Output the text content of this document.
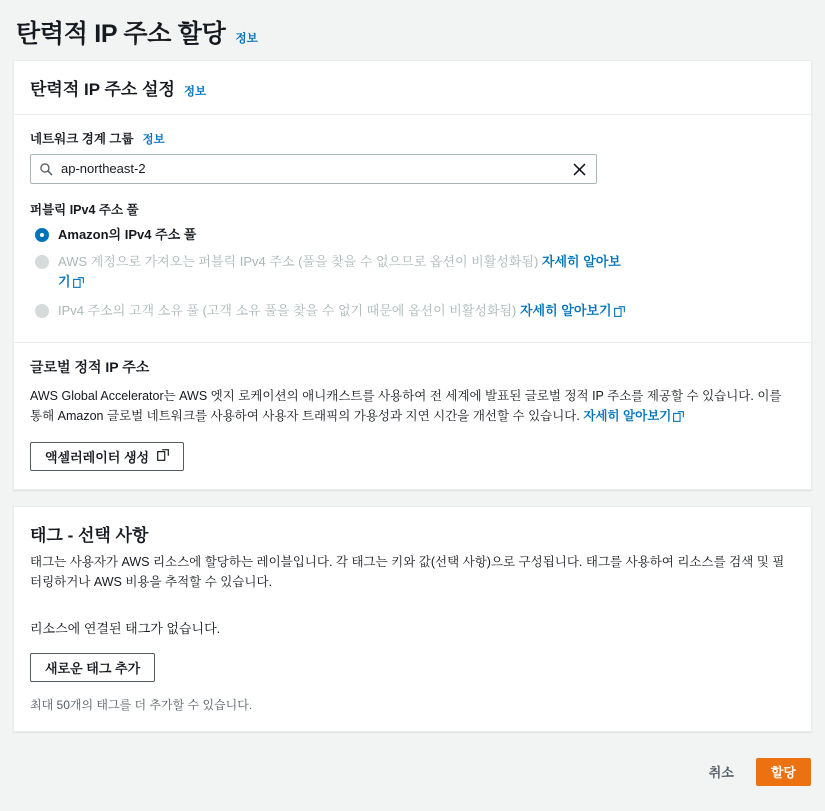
탄력적 IP 주소 할당 정보
탄력적 IP 주소 설정 정보
네트워크 경계 그룹 정보
ap-northeast-2
퍼블릭 IPv4 주소 풀
Amazon의 IPv4 주소 풀
AWS 계정으로 가져오는 퍼블릭 IPv4 주소 (풀을 찾을 수 없으므로 옵션이 비활성화됨) 자세히 알아보기
IPv4 주소의 고객 소유 풀 (고객 소유 풀을 찾을 수 없기 때문에 옵션이 비활성화됨) 자세히 알아보기
글로벌 정적 IP 주소

AWS Global Accelerator는 AWS 엣지 로케이션의 애니캐스트를 사용하여 전 세계에 발표된 글로벌 정적 IP 주소를 제공할 수 있습니다. 이를 통해 Amazon 글로벌 네트워크를 사용하여 사용자 트래픽의 가용성과 지연 시간을 개선할 수 있습니다. 자세히 알아보기

액셀러레이터 생성
태그 - 선택 사항

태그는 사용자가 AWS 리소스에 할당하는 레이블입니다. 각 태그는 키와 값(선택 사항)으로 구성됩니다. 태그를 사용하여 리소스를 검색 및 필터링하거나 AWS 비용을 추적할 수 있습니다.

리소스에 연결된 태그가 없습니다.
새로운 태그 추가

최대 50개의 태그를 더 추가할 수 있습니다.

취소	할당
